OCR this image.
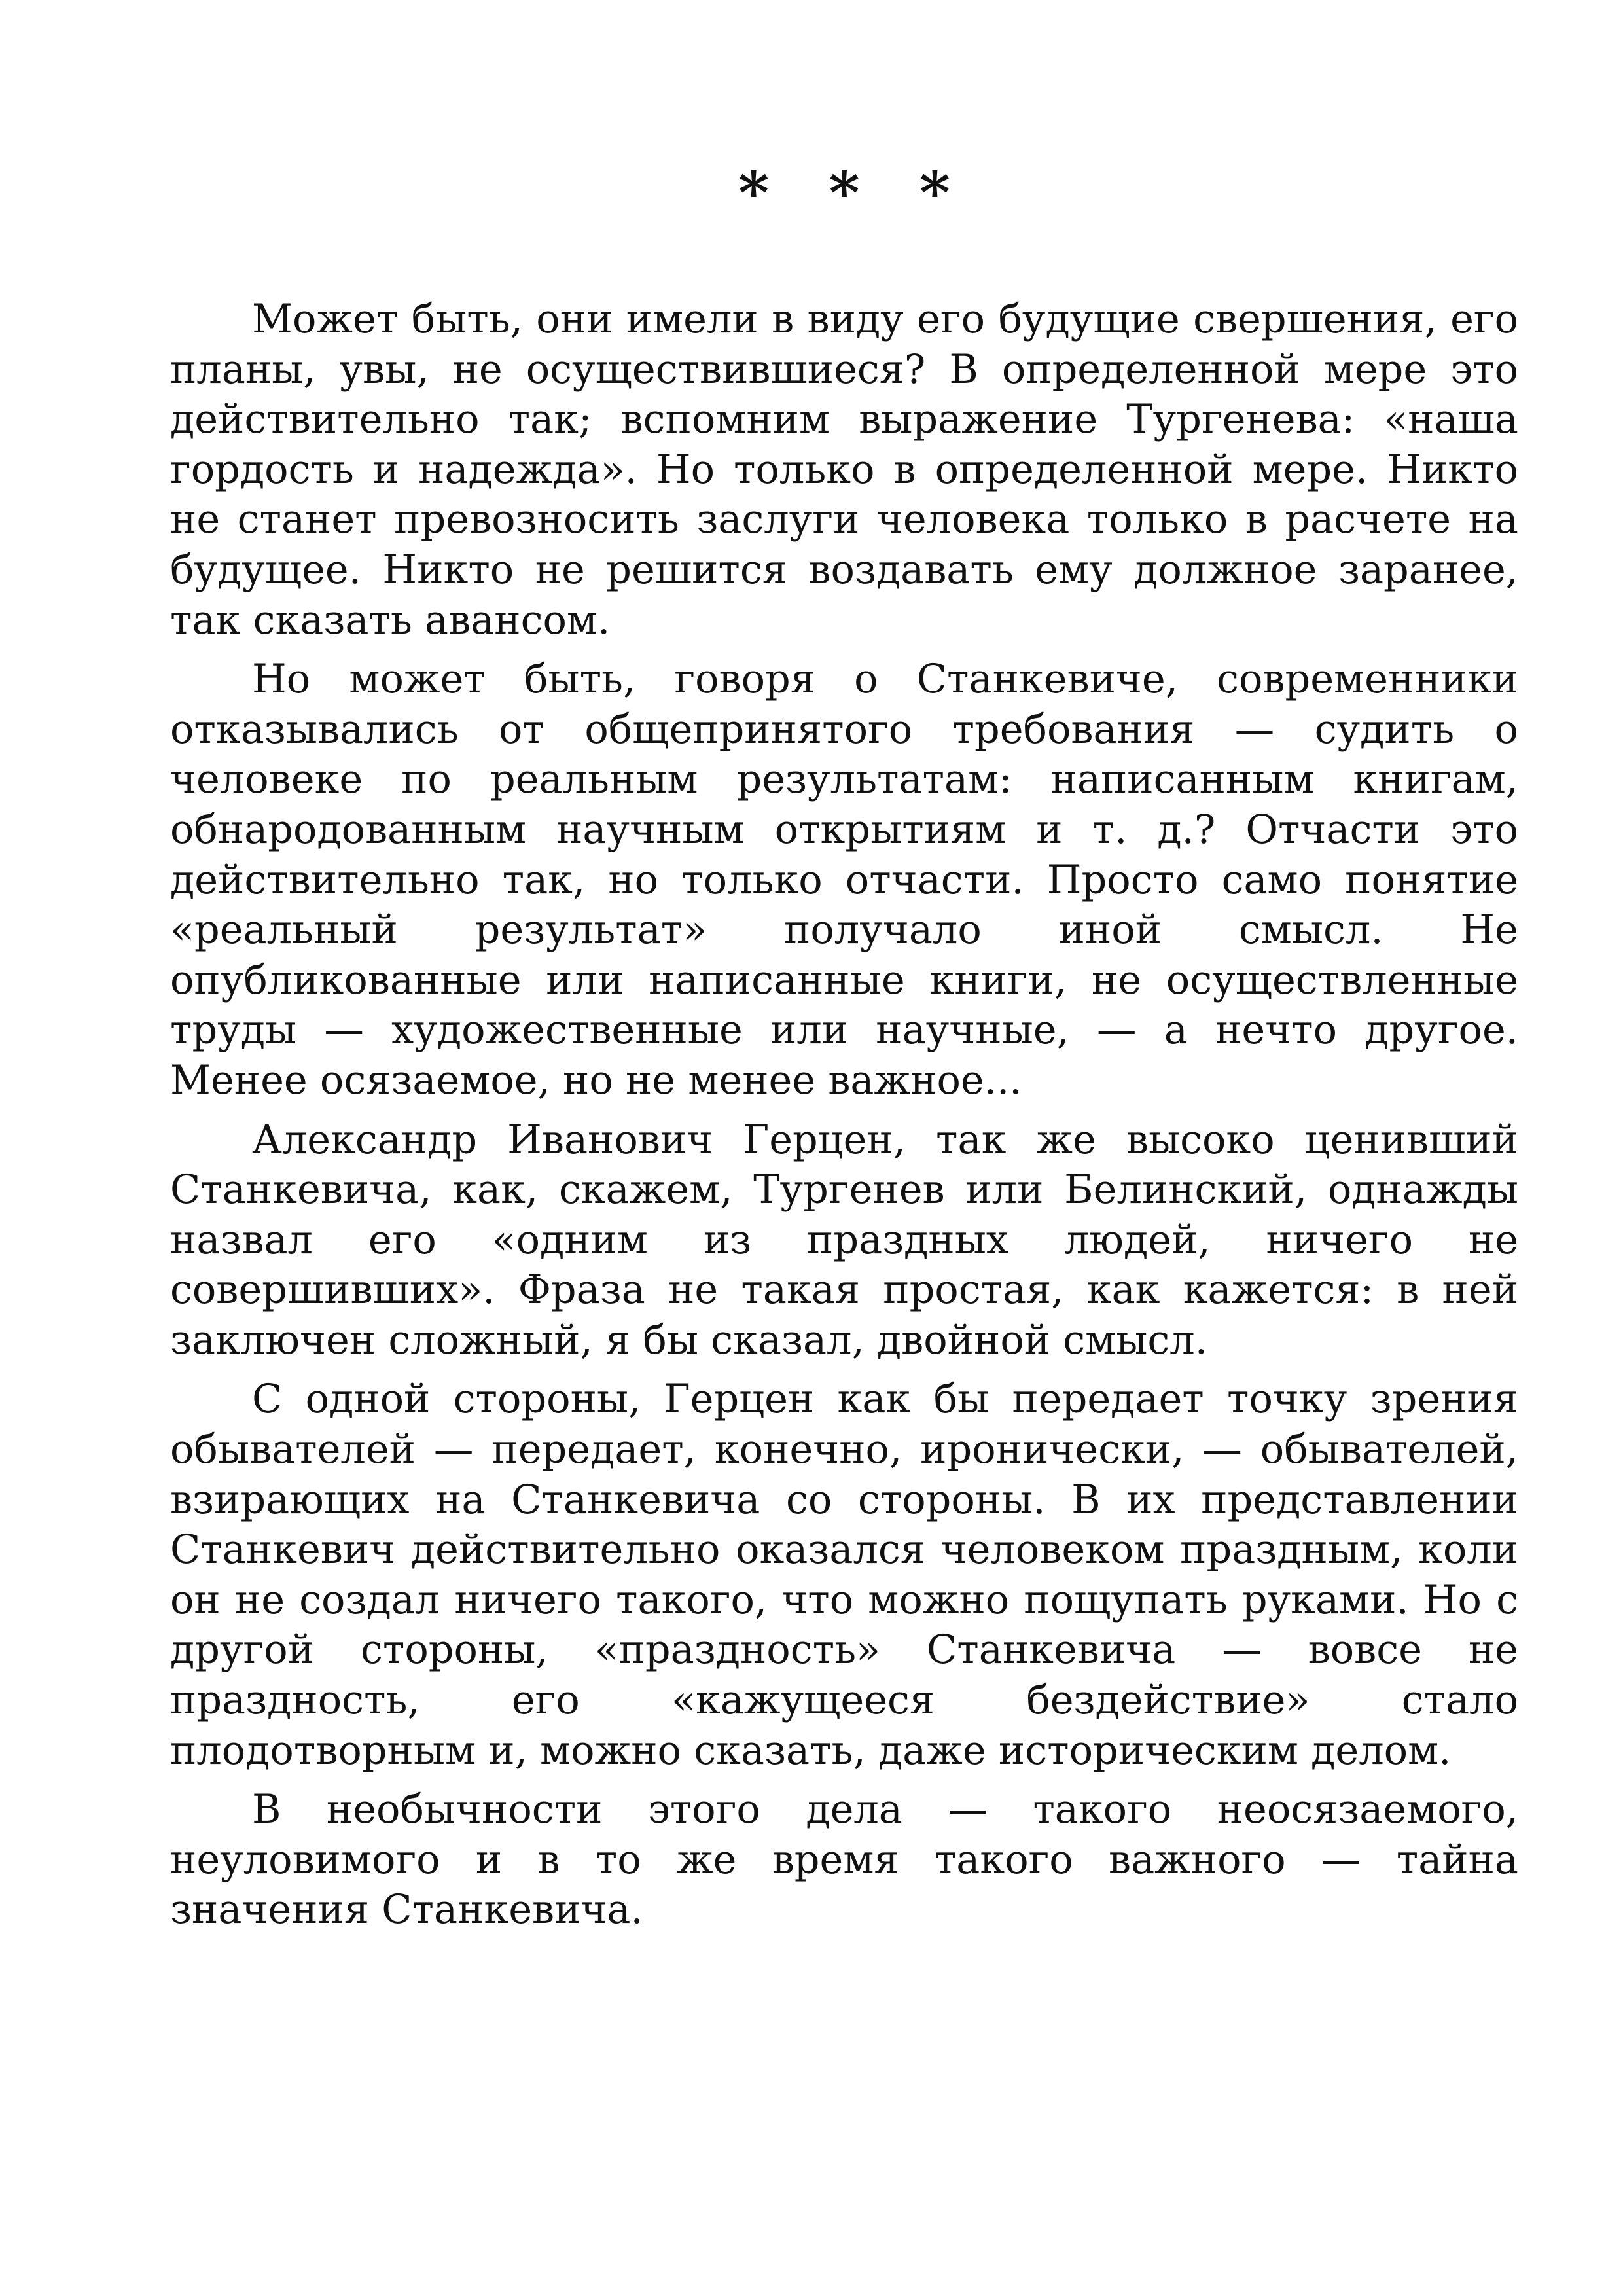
* * *

Может быть, они имели в виду его будущие свершения, его планы, увы, не осуществившиеся? В определенной мере это действительно так; вспомним выражение Тургенева: «наша гордость и надежда». Но только в определенной мере. Никто не станет превозносить заслуги человека только в расчете на будущее. Никто не решится воздавать ему должное заранее, так сказать авансом.

Но может быть, говоря о Станкевиче, современники отказывались от общепринятого требования — судить о человеке по реальным результатам: написанным книгам, обнародованным научным открытиям и т. д.? Отчасти это действительно так, но только отчасти. Просто само понятие «реальный результат» получало иной смысл. Не опубликованные или написанные книги, не осуществленные труды — художественные или научные, — а нечто другое. Менее осязаемое, но не менее важное...

Александр Иванович Герцен, так же высоко ценивший Станкевича, как, скажем, Тургенев или Белинский, однажды назвал его «одним из праздных людей, ничего не совершивших». Фраза не такая простая, как кажется: в ней заключен сложный, я бы сказал, двойной смысл.

С одной стороны, Герцен как бы передает точку зрения обывателей — передает, конечно, иронически, — обывателей, взирающих на Станкевича со стороны. В их представлении Станкевич действительно оказался человеком праздным, коли он не создал ничего такого, что можно пощупать руками. Но с другой стороны, «праздность» Станкевича — вовсе не праздность, его «кажущееся бездействие» стало плодотворным и, можно сказать, даже историческим делом.

В необычности этого дела — такого неосязаемого, неуловимого и в то же время такого важного — тайна значения Станкевича.
